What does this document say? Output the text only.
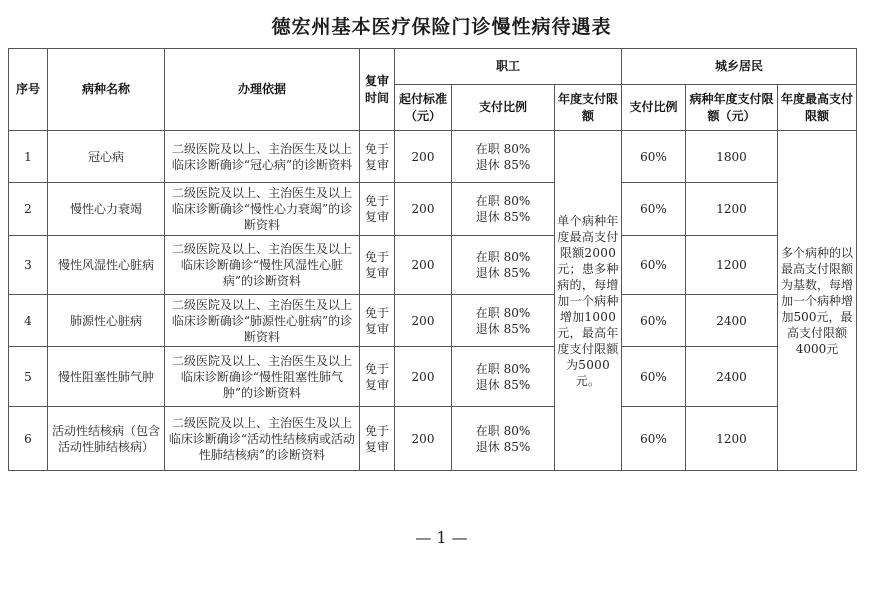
德宏州基本医疗保险门诊慢性病待遇表
序号	病种名称	办理依据	复审时间	职工			城乡居民		
				起付标准（元）	支付比例	年度支付限额	支付比例	病种年度支付限额（元）	年度最高支付限额
1	冠心病	二级医院及以上、主治医生及以上临床诊断确诊“冠心病”的诊断资料	免于复审	200	在职 80%
退休 85%	单个病种年度最高支付限额2000元；患多种病的，每增加一个病种增加1000元，最高年度支付限额为5000元。	60%	1800	多个病种的以最高支付限额为基数，每增加一个病种增加500元，最高支付限额4000元
2	慢性心力衰竭	二级医院及以上、主治医生及以上临床诊断确诊“慢性心力衰竭”的诊断资料	免于复审	200	在职 80%
退休 85%		60%	1200	
3	慢性风湿性心脏病	二级医院及以上、主治医生及以上临床诊断确诊“慢性风湿性心脏病”的诊断资料	免于复审	200	在职 80%
退休 85%		60%	1200	
4	肺源性心脏病	二级医院及以上、主治医生及以上临床诊断确诊“肺源性心脏病”的诊断资料	免于复审	200	在职 80%
退休 85%		60%	2400	
5	慢性阻塞性肺气肿	二级医院及以上、主治医生及以上临床诊断确诊“慢性阻塞性肺气肿”的诊断资料	免于复审	200	在职 80%
退休 85%		60%	2400	
6	活动性结核病（包含活动性肺结核病）	二级医院及以上、主治医生及以上临床诊断确诊“活动性结核病或活动性肺结核病”的诊断资料	免于复审	200	在职 80%
退休 85%		60%	1200	
— 1 —
